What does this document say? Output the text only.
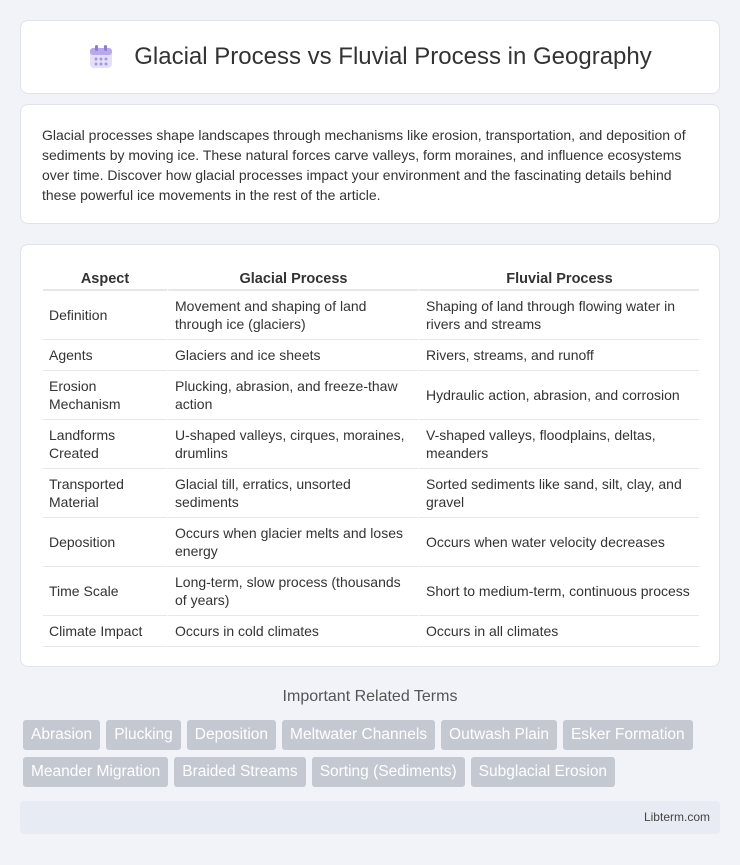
Glacial Process vs Fluvial Process in Geography

Glacial processes shape landscapes through mechanisms like erosion, transportation, and deposition of sediments by moving ice. These natural forces carve valleys, form moraines, and influence ecosystems over time. Discover how glacial processes impact your environment and the fascinating details behind these powerful ice movements in the rest of the article.

Aspect	Glacial Process	Fluvial Process
Definition	Movement and shaping of land through ice (glaciers)	Shaping of land through flowing water in rivers and streams
Agents	Glaciers and ice sheets	Rivers, streams, and runoff
Erosion Mechanism	Plucking, abrasion, and freeze-thaw action	Hydraulic action, abrasion, and corrosion
Landforms Created	U-shaped valleys, cirques, moraines, drumlins	V-shaped valleys, floodplains, deltas, meanders
Transported Material	Glacial till, erratics, unsorted sediments	Sorted sediments like sand, silt, clay, and gravel
Deposition	Occurs when glacier melts and loses energy	Occurs when water velocity decreases
Time Scale	Long-term, slow process (thousands of years)	Short to medium-term, continuous process
Climate Impact	Occurs in cold climates	Occurs in all climates
Important Related Terms
Abrasion	Plucking	Deposition	Meltwater Channels	Outwash Plain	Esker Formation
Meander Migration	Braided Streams	Sorting (Sediments)	Subglacial Erosion
Libterm.com
